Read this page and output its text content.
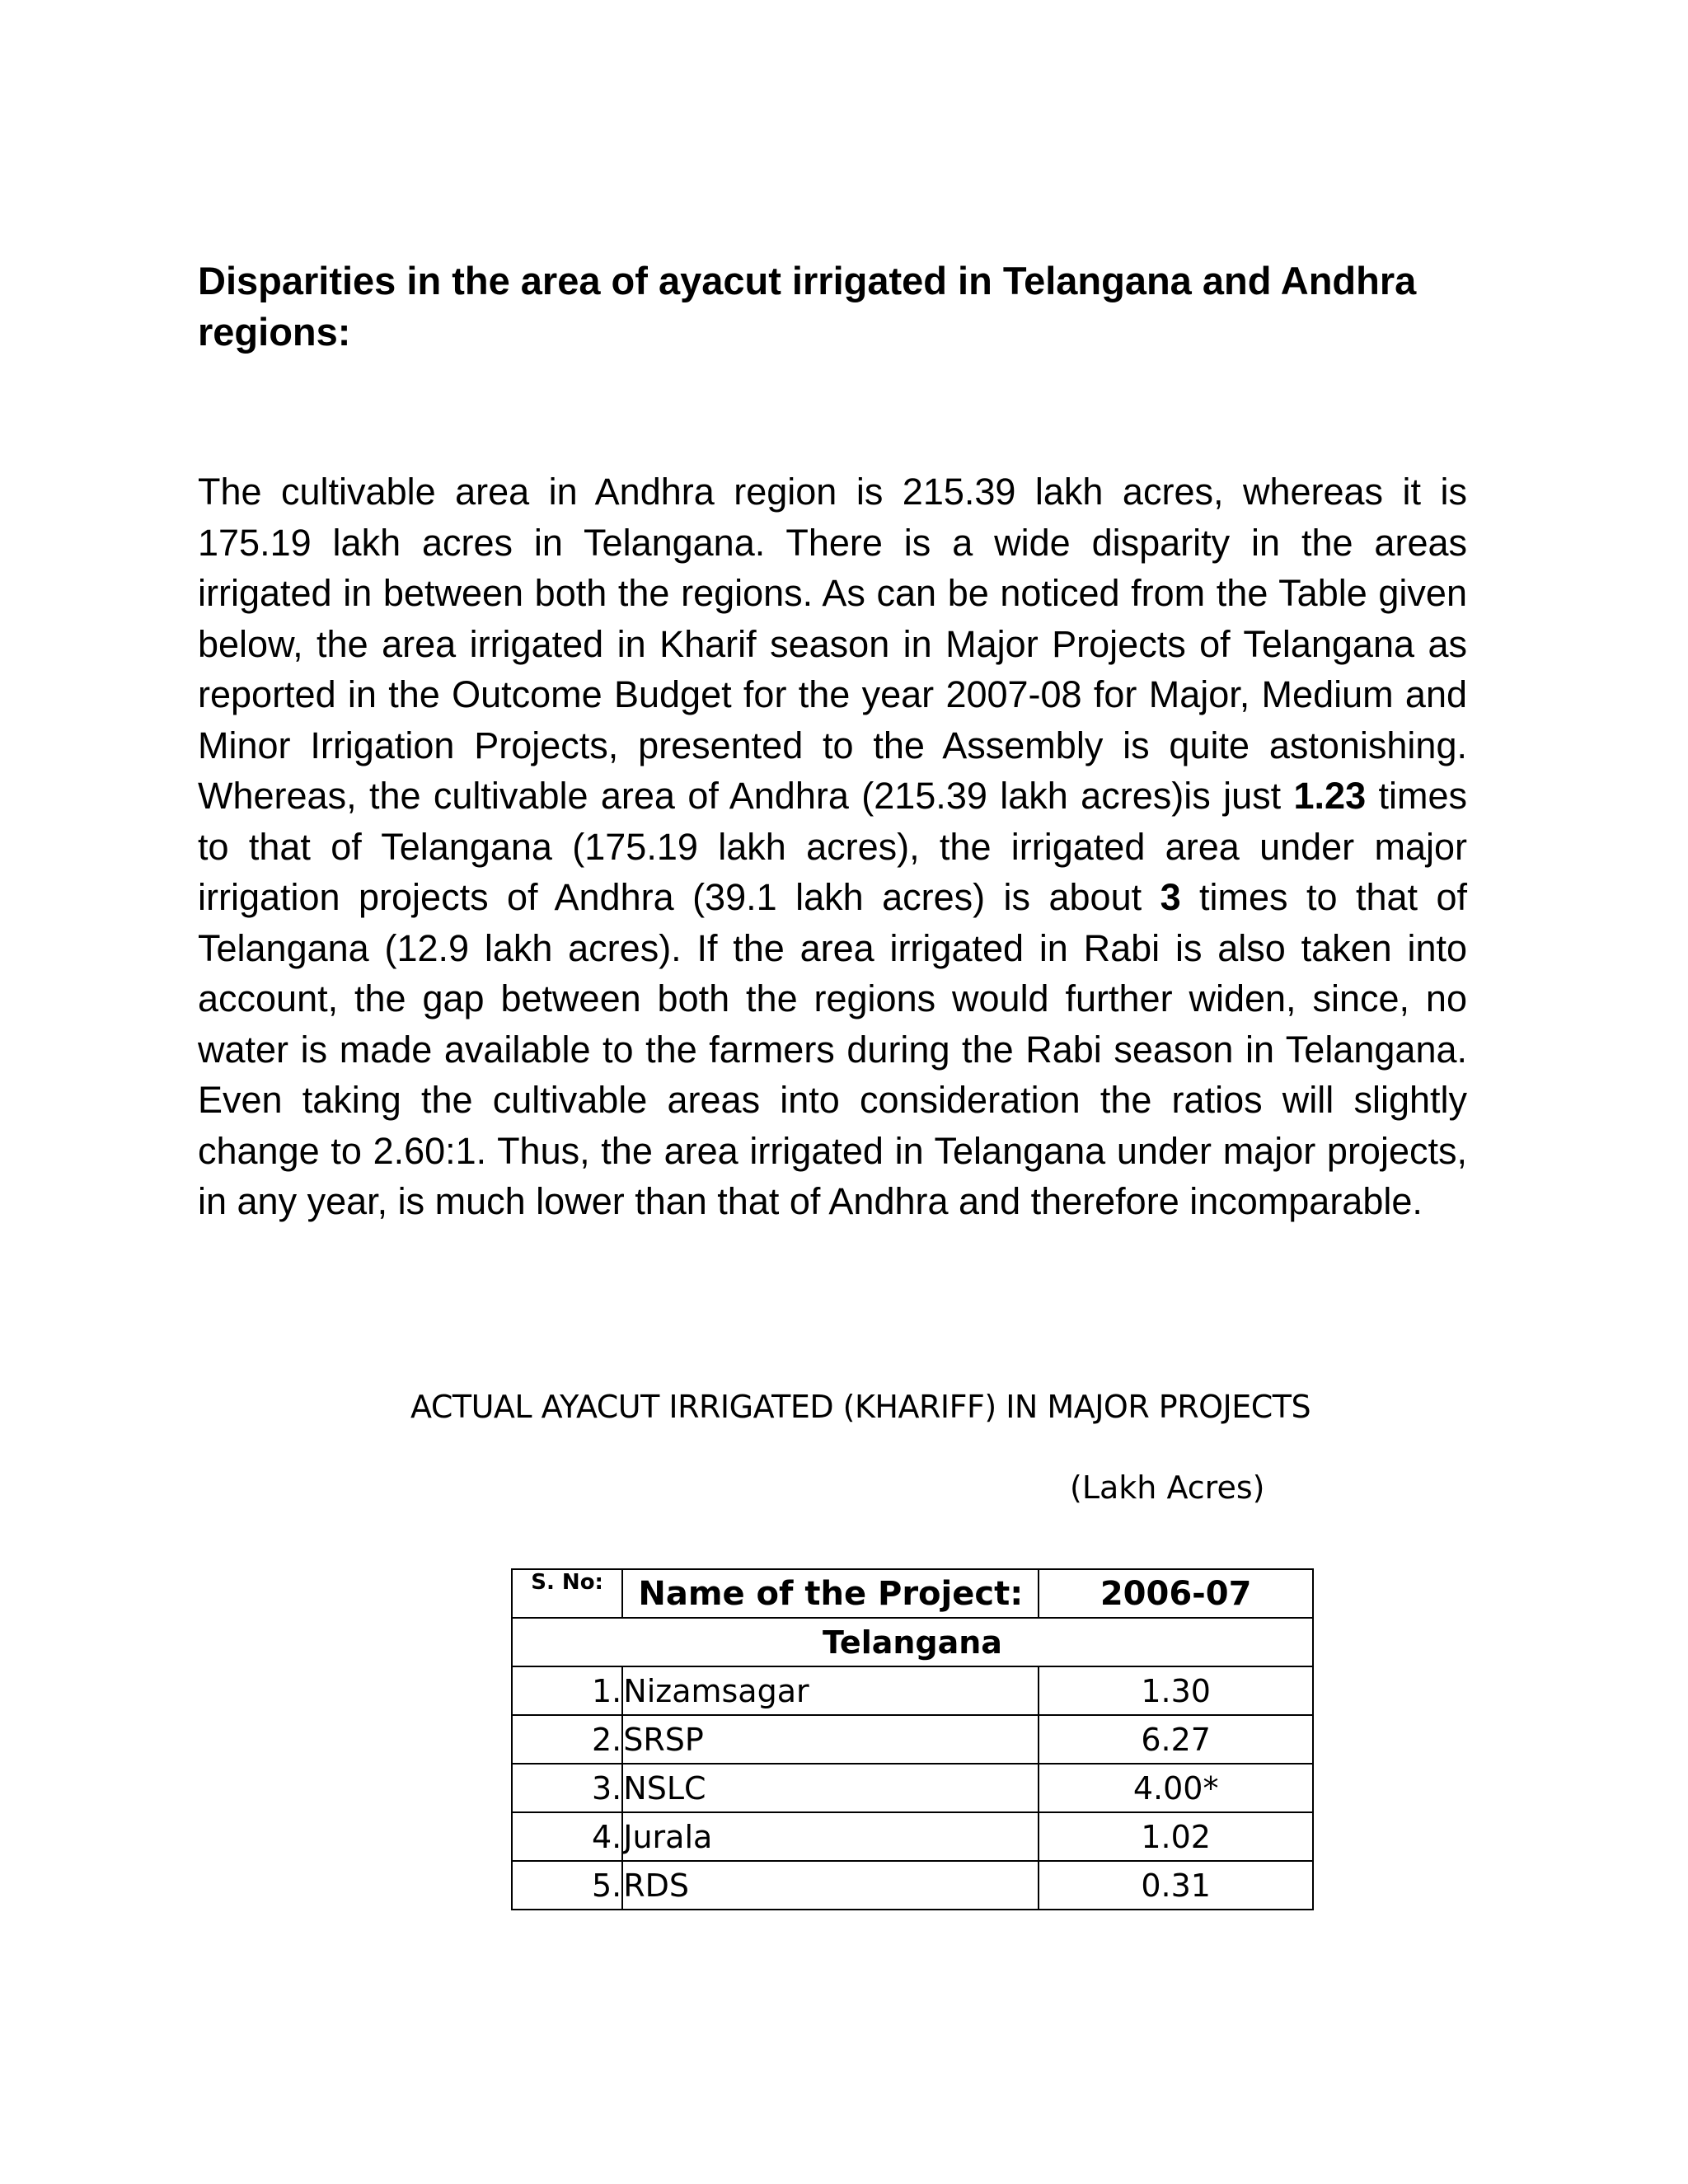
Disparities in the area of ayacut irrigated in Telangana and Andhra regions:

The cultivable area in Andhra region is 215.39 lakh acres, whereas it is 175.19 lakh acres in Telangana. There is a wide disparity in the areas irrigated in between both the regions. As can be noticed from the Table given below, the area irrigated in Kharif season in Major Projects of Telangana as reported in the Outcome Budget for the year 2007-08 for Major, Medium and Minor Irrigation Projects, presented to the Assembly is quite astonishing. Whereas, the cultivable area of Andhra (215.39 lakh acres)is just 1.23 times to that of Telangana (175.19 lakh acres), the irrigated area under major irrigation projects of Andhra (39.1 lakh acres) is about 3 times to that of Telangana (12.9 lakh acres). If the area irrigated in Rabi is also taken into account, the gap between both the regions would further widen, since, no water is made available to the farmers during the Rabi season in Telangana. Even taking the cultivable areas into consideration the ratios will slightly change to 2.60:1. Thus, the area irrigated in Telangana under major projects, in any year, is much lower than that of Andhra and therefore incomparable.

ACTUAL AYACUT IRRIGATED (KHARIFF) IN MAJOR PROJECTS
(Lakh Acres)
S. No:	Name of the Project:	2006-07
Telangana		
1.	Nizamsagar	1.30
2.	SRSP	6.27
3.	NSLC	4.00*
4.	Jurala	1.02
5.	RDS	0.31
